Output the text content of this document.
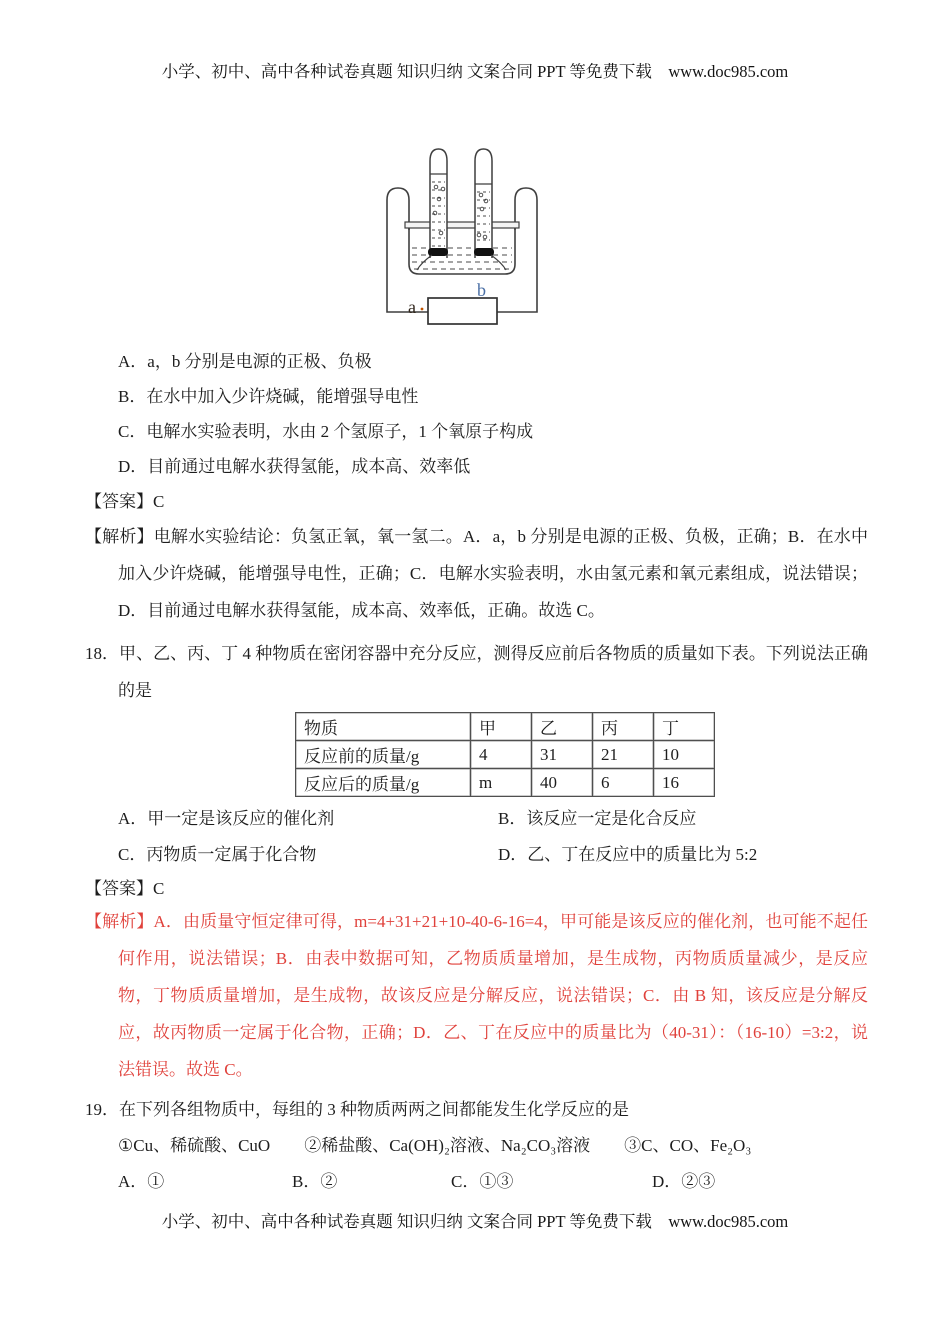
小学、初中、高中各种试卷真题 知识归纳 文案合同 PPT 等免费下载　www.doc985.com
a
b
A．a，b 分别是电源的正极、负极
B．在水中加入少许烧碱，能增强导电性
C．电解水实验表明，水由 2 个氢原子，1 个氧原子构成
D．目前通过电解水获得氢能，成本高、效率低
【答案】C

【解析】电解水实验结论：负氢正氧，氧一氢二。A．a，b 分别是电源的正极、负极，正确；B．在水中加入少许烧碱，能增强导电性，正确；C．电解水实验表明，水由氢元素和氧元素组成，说法错误；D．目前通过电解水获得氢能，成本高、效率低，正确。故选 C。

18．甲、乙、丙、丁 4 种物质在密闭容器中充分反应，测得反应前后各物质的质量如下表。下列说法正确的是

物质	甲	乙	丙	丁
反应前的质量/g	4	31	21	10
反应后的质量/g	m	40	6	16
A．甲一定是该反应的催化剂	B．该反应一定是化合反应
C．丙物质一定属于化合物	D．乙、丁在反应中的质量比为 5:2
【答案】C

【解析】A．由质量守恒定律可得，m=4+31+21+10-40-6-16=4，甲可能是该反应的催化剂，也可能不起任何作用，说法错误；B．由表中数据可知，乙物质质量增加，是生成物，丙物质质量减少，是反应物，丁物质质量增加，是生成物，故该反应是分解反应，说法错误；C．由 B 知，该反应是分解反应，故丙物质一定属于化合物，正确；D．乙、丁在反应中的质量比为（40-31）：（16-10）=3:2，说法错误。故选 C。

19．在下列各组物质中，每组的 3 种物质两两之间都能发生化学反应的是

①Cu、稀硫酸、CuO　　②稀盐酸、Ca(OH)₂溶液、Na₂CO₃溶液　　③C、CO、Fe₂O₃
A．①	B．②	C．①③	D．②③
小学、初中、高中各种试卷真题 知识归纳 文案合同 PPT 等免费下载　www.doc985.com
